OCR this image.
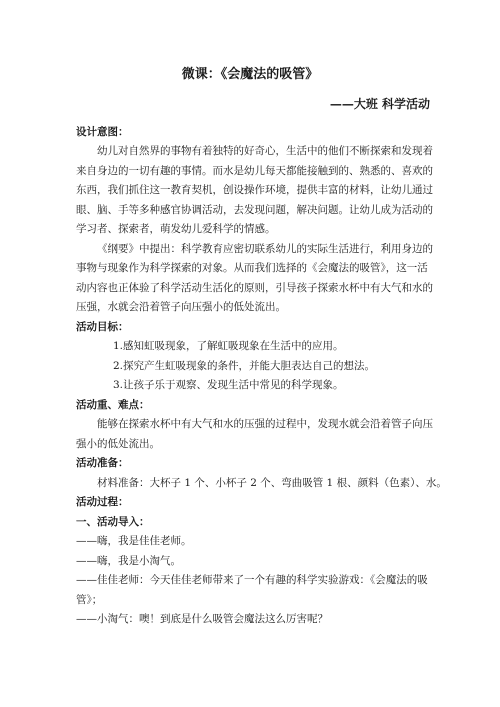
微课：《会魔法的吸管》
——大班 科学活动
设计意图：
幼儿对自然界的事物有着独特的好奇心，生活中的他们不断探索和发现着
来自身边的一切有趣的事情。而水是幼儿每天都能接触到的、熟悉的、喜欢的
东西，我们抓住这一教育契机，创设操作环境，提供丰富的材料，让幼儿通过
眼、脑、手等多种感官协调活动，去发现问题，解决问题。让幼儿成为活动的
学习者、探索者，萌发幼儿爱科学的情感。
《纲要》中提出：科学教育应密切联系幼儿的实际生活进行，利用身边的
事物与现象作为科学探索的对象。从而我们选择的《会魔法的吸管》，这一活
动内容也正体验了科学活动生活化的原则，引导孩子探索水杯中有大气和水的
压强，水就会沿着管子向压强小的低处流出。
活动目标：
1.感知虹吸现象，了解虹吸现象在生活中的应用。
2.探究产生虹吸现象的条件，并能大胆表达自己的想法。
3.让孩子乐于观察、发现生活中常见的科学现象。
活动重、难点：
能够在探索水杯中有大气和水的压强的过程中，发现水就会沿着管子向压
强小的低处流出。
活动准备：
材料准备：大杯子 1 个、小杯子 2 个、弯曲吸管 1 根、颜料（色素）、水。
活动过程：
一、活动导入：
——嗨，我是佳佳老师。
——嗨，我是小淘气。
——佳佳老师：今天佳佳老师带来了一个有趣的科学实验游戏：《会魔法的吸
管》；
——小淘气：噢！到底是什么吸管会魔法这么厉害呢？
